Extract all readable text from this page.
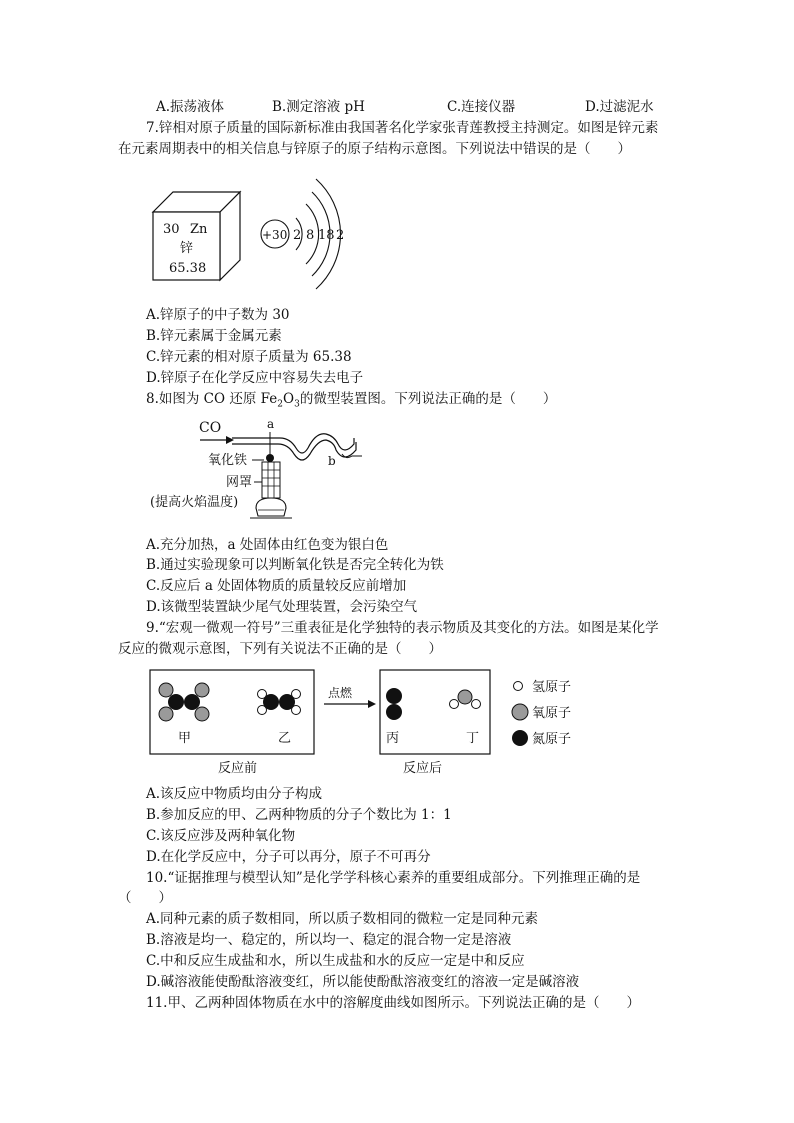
A.振荡液体	B.测定溶液 pH	C.连接仪器	D.过滤泥水
7.锌相对原子质量的国际新标准由我国著名化学家张青莲教授主持测定。如图是锌元素
在元素周期表中的相关信息与锌原子的原子结构示意图。下列说法中错误的是（　　）
30 Zn
锌
65.38
+30 2 8 18 2
A.锌原子的中子数为 30
B.锌元素属于金属元素
C.锌元素的相对原子质量为 65.38
D.锌原子在化学反应中容易失去电子
8.如图为 CO 还原 $Fe_2O_3$的微型装置图。下列说法正确的是（　　）
CO	a
b
氧化铁
网罩
(提高火焰温度)
A.充分加热，a 处固体由红色变为银白色
B.通过实验现象可以判断氧化铁是否完全转化为铁
C.反应后 a 处固体物质的质量较反应前增加
D.该微型装置缺少尾气处理装置，会污染空气
9.“宏观一微观一符号”三重表征是化学独特的表示物质及其变化的方法。如图是某化学
反应的微观示意图，下列有关说法不正确的是（　　）
甲	乙
点燃
丙	丁
氢原子
氧原子
氮原子
反应前	反应后
A.该反应中物质均由分子构成
B.参加反应的甲、乙两种物质的分子个数比为 1：1
C.该反应涉及两种氧化物
D.在化学反应中，分子可以再分，原子不可再分
10.“证据推理与模型认知”是化学学科核心素养的重要组成部分。下列推理正确的是
（　　）
A.同种元素的质子数相同，所以质子数相同的微粒一定是同种元素
B.溶液是均一、稳定的，所以均一、稳定的混合物一定是溶液
C.中和反应生成盐和水，所以生成盐和水的反应一定是中和反应
D.碱溶液能使酚酞溶液变红，所以能使酚酞溶液变红的溶液一定是碱溶液
11.甲、乙两种固体物质在水中的溶解度曲线如图所示。下列说法正确的是（　　）
